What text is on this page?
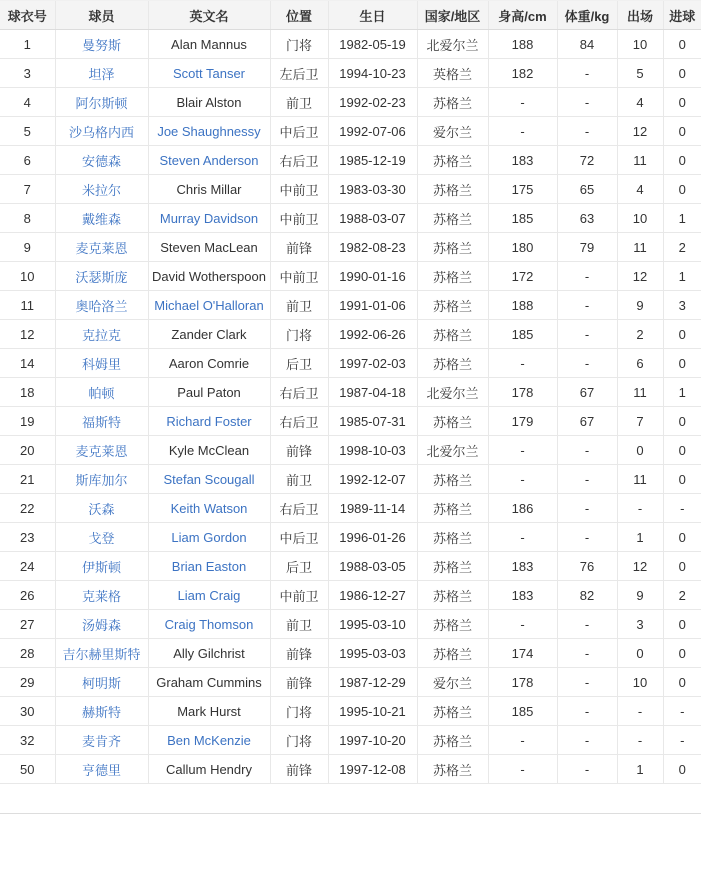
球衣号	球员	英文名	位置	生日	国家/地区	身高/cm	体重/kg	出场	进球
1	曼努斯	Alan Mannus	门将	1982-05-19	北爱尔兰	188	84	10	0
3	坦泽	Scott Tanser	左后卫	1994-10-23	英格兰	182	-	5	0
4	阿尔斯顿	Blair Alston	前卫	1992-02-23	苏格兰	-	-	4	0
5	沙乌格内西	Joe Shaughnessy	中后卫	1992-07-06	爱尔兰	-	-	12	0
6	安德森	Steven Anderson	右后卫	1985-12-19	苏格兰	183	72	11	0
7	米拉尔	Chris Millar	中前卫	1983-03-30	苏格兰	175	65	4	0
8	戴维森	Murray Davidson	中前卫	1988-03-07	苏格兰	185	63	10	1
9	麦克莱恩	Steven MacLean	前锋	1982-08-23	苏格兰	180	79	11	2
10	沃瑟斯庞	David Wotherspoon	中前卫	1990-01-16	苏格兰	172	-	12	1
11	奥哈洛兰	Michael O'Halloran	前卫	1991-01-06	苏格兰	188	-	9	3
12	克拉克	Zander Clark	门将	1992-06-26	苏格兰	185	-	2	0
14	科姆里	Aaron Comrie	后卫	1997-02-03	苏格兰	-	-	6	0
18	帕顿	Paul Paton	右后卫	1987-04-18	北爱尔兰	178	67	11	1
19	福斯特	Richard Foster	右后卫	1985-07-31	苏格兰	179	67	7	0
20	麦克莱恩	Kyle McClean	前锋	1998-10-03	北爱尔兰	-	-	0	0
21	斯库加尔	Stefan Scougall	前卫	1992-12-07	苏格兰	-	-	11	0
22	沃森	Keith Watson	右后卫	1989-11-14	苏格兰	186	-	-	-
23	戈登	Liam Gordon	中后卫	1996-01-26	苏格兰	-	-	1	0
24	伊斯顿	Brian Easton	后卫	1988-03-05	苏格兰	183	76	12	0
26	克莱格	Liam Craig	中前卫	1986-12-27	苏格兰	183	82	9	2
27	汤姆森	Craig Thomson	前卫	1995-03-10	苏格兰	-	-	3	0
28	吉尔赫里斯特	Ally Gilchrist	前锋	1995-03-03	苏格兰	174	-	0	0
29	柯明斯	Graham Cummins	前锋	1987-12-29	爱尔兰	178	-	10	0
30	赫斯特	Mark Hurst	门将	1995-10-21	苏格兰	185	-	-	-
32	麦肯齐	Ben McKenzie	门将	1997-10-20	苏格兰	-	-	-	-
50	亨德里	Callum Hendry	前锋	1997-12-08	苏格兰	-	-	1	0
